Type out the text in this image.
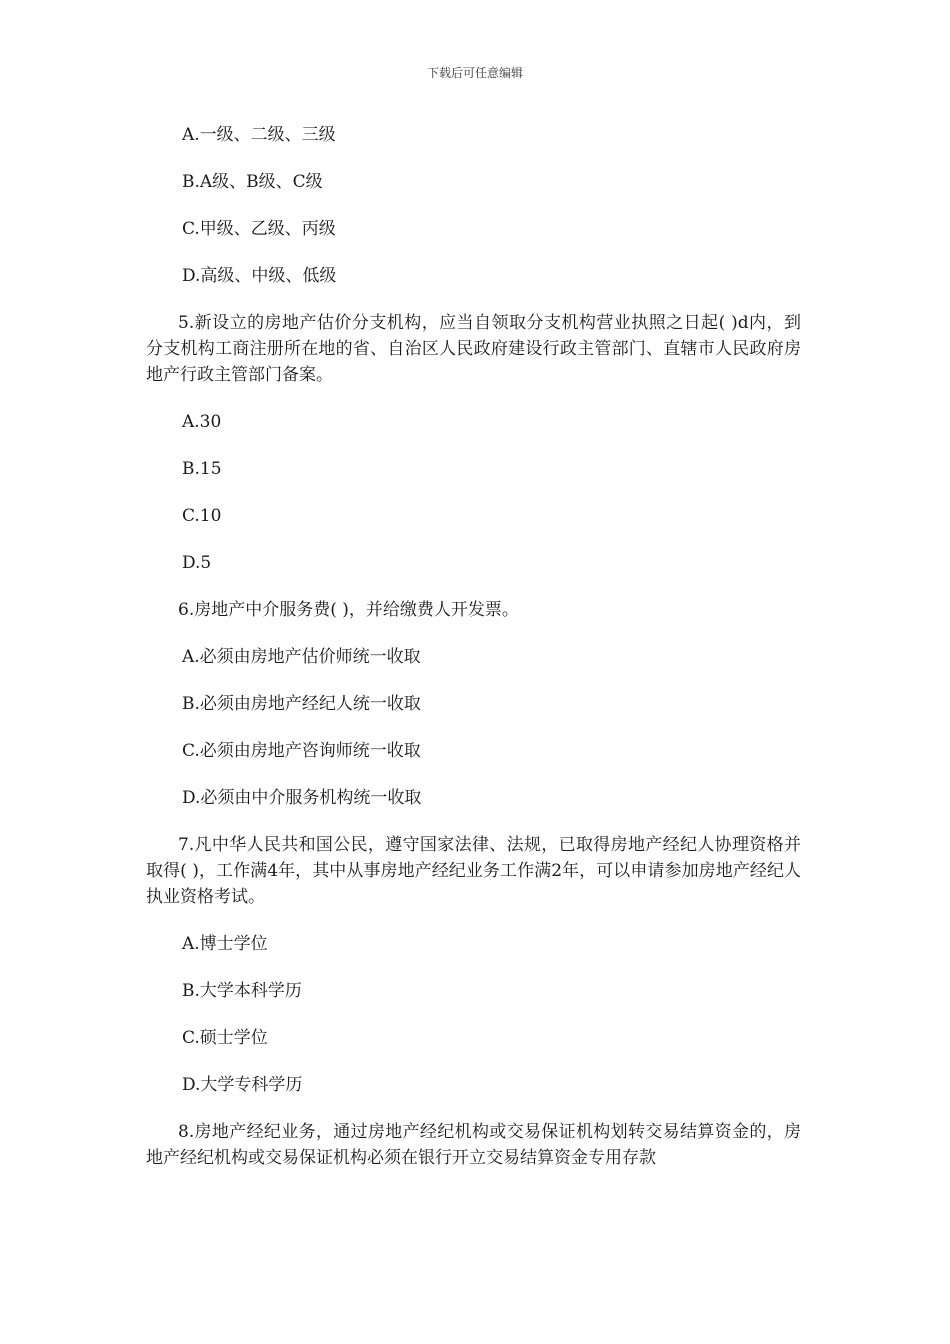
下载后可任意编辑
A.一级、二级、三级
B.A级、B级、C级
C.甲级、乙级、丙级
D.高级、中级、低级
5.新设立的房地产估价分支机构，应当自领取分支机构营业执照之日起( )d内，到分支机构工商注册所在地的省、自治区人民政府建设行政主管部门、直辖市人民政府房地产行政主管部门备案。
A.30
B.15
C.10
D.5
6.房地产中介服务费( )，并给缴费人开发票。
A.必须由房地产估价师统一收取
B.必须由房地产经纪人统一收取
C.必须由房地产咨询师统一收取
D.必须由中介服务机构统一收取
7.凡中华人民共和国公民，遵守国家法律、法规，已取得房地产经纪人协理资格并取得( )，工作满4年，其中从事房地产经纪业务工作满2年，可以申请参加房地产经纪人执业资格考试。
A.博士学位
B.大学本科学历
C.硕士学位
D.大学专科学历
8.房地产经纪业务，通过房地产经纪机构或交易保证机构划转交易结算资金的，房地产经纪机构或交易保证机构必须在银行开立交易结算资金专用存款
